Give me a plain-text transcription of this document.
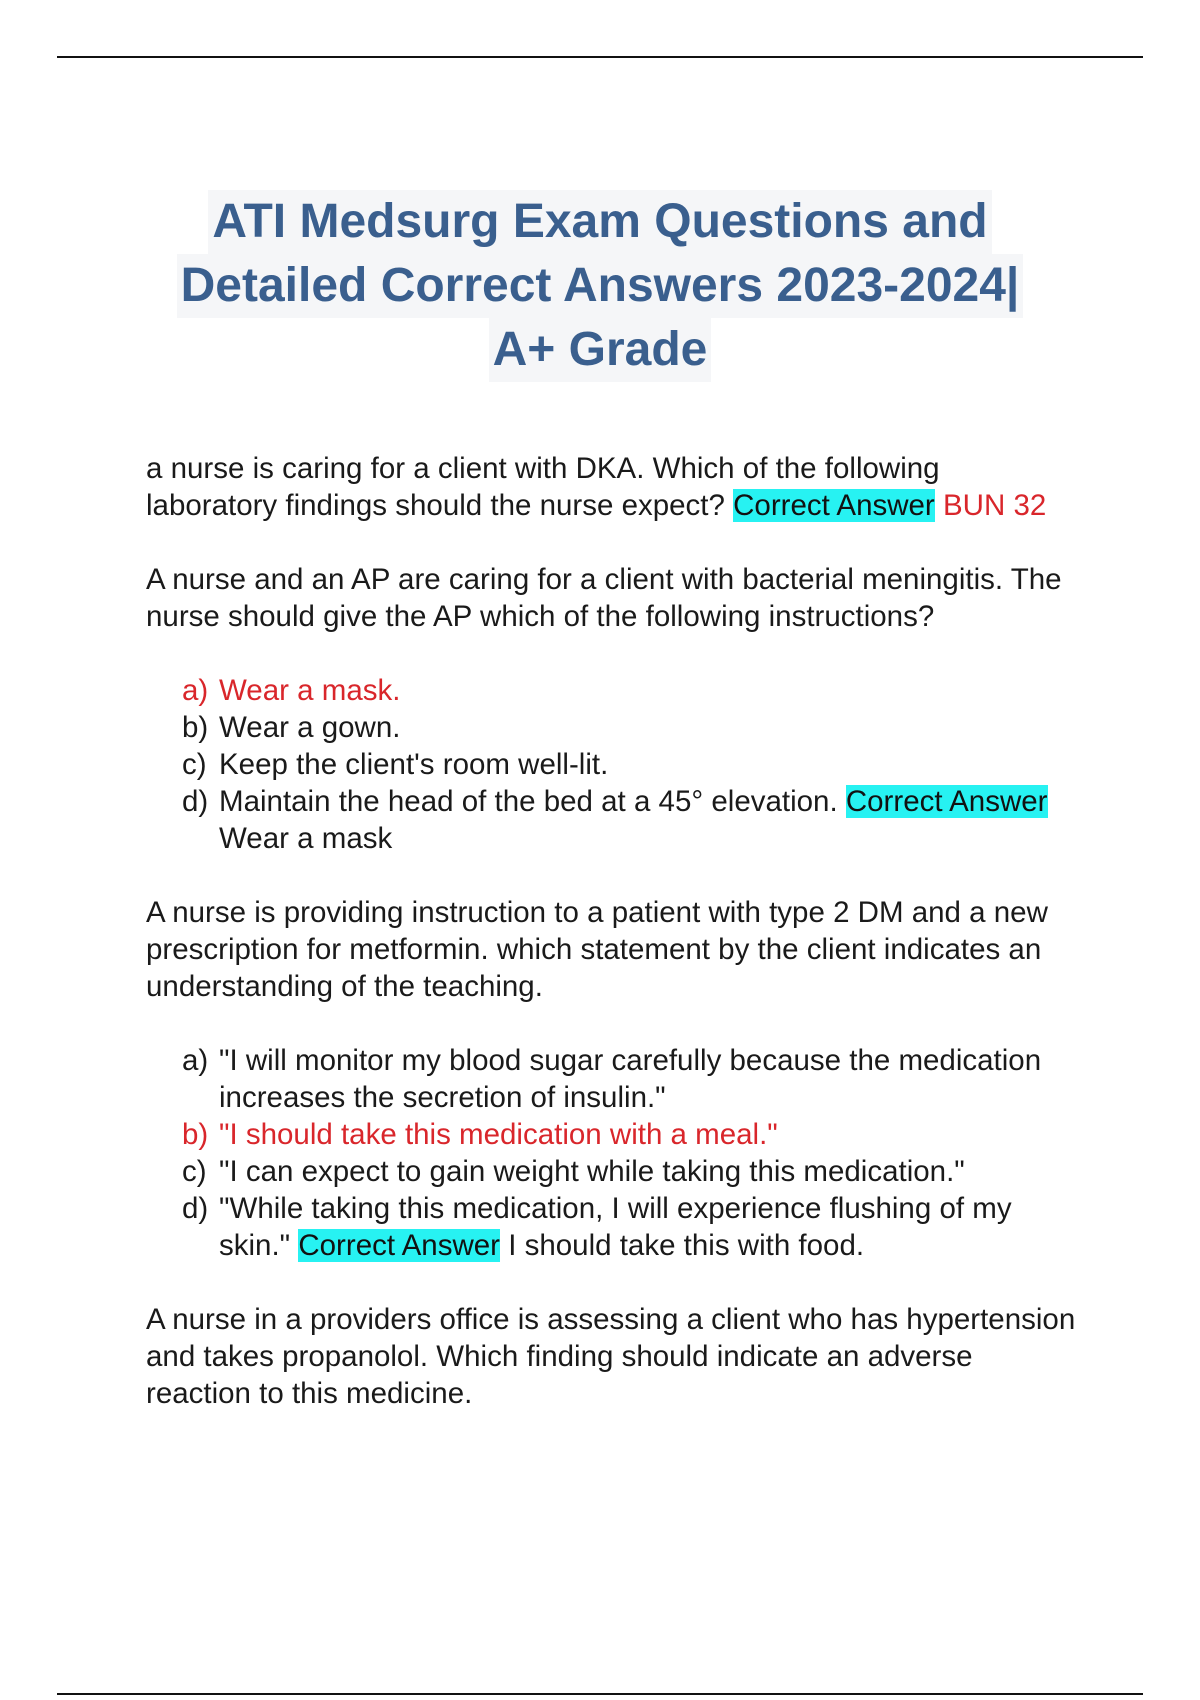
ATI Medsurg Exam Questions and
Detailed Correct Answers 2023-2024|
A+ Grade

a nurse is caring for a client with DKA. Which of the following laboratory findings should the nurse expect? Correct Answer BUN 32

A nurse and an AP are caring for a client with bacterial meningitis. The nurse should give the AP which of the following instructions?

a) Wear a mask.
b) Wear a gown.
c) Keep the client's room well-lit.
d) Maintain the head of the bed at a 45° elevation. Correct Answer Wear a mask

A nurse is providing instruction to a patient with type 2 DM and a new prescription for metformin. which statement by the client indicates an understanding of the teaching.

a) "I will monitor my blood sugar carefully because the medication increases the secretion of insulin."
b) "I should take this medication with a meal."
c) "I can expect to gain weight while taking this medication."
d) "While taking this medication, I will experience flushing of my skin." Correct Answer I should take this with food.

A nurse in a providers office is assessing a client who has hypertension and takes propanolol. Which finding should indicate an adverse reaction to this medicine.
